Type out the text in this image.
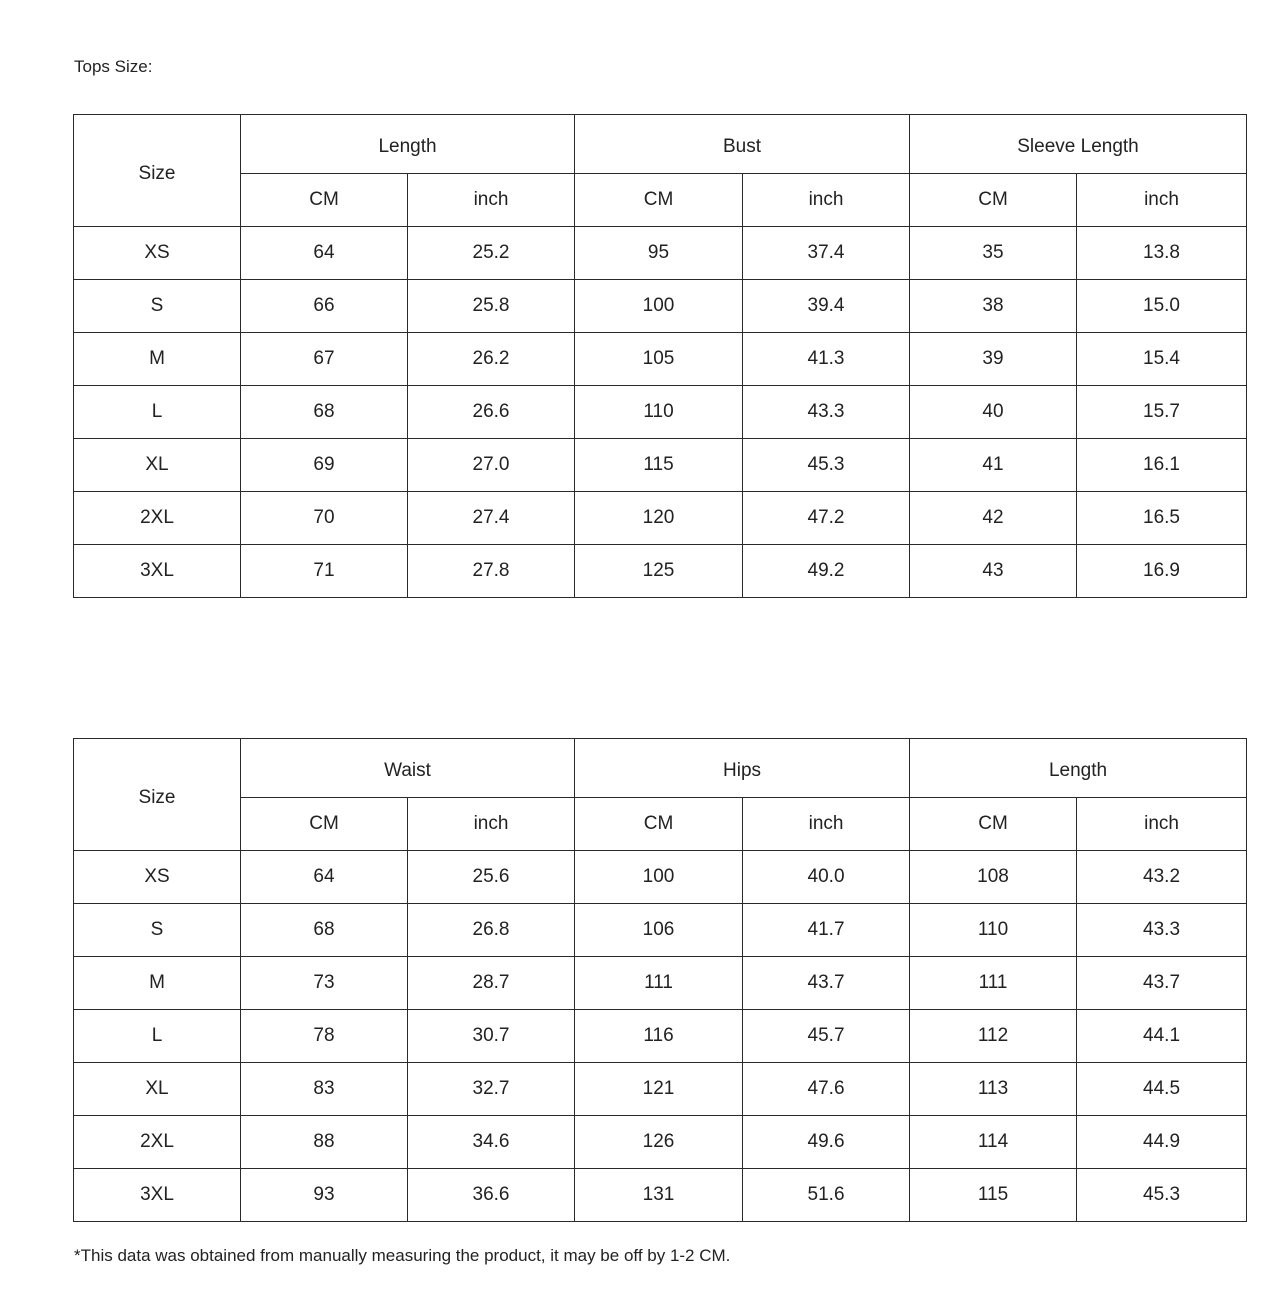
Tops Size:
Size	Length		Bust		Sleeve Length	
	CM	inch	CM	inch	CM	inch
XS	64	25.2	95	37.4	35	13.8
S	66	25.8	100	39.4	38	15.0
M	67	26.2	105	41.3	39	15.4
L	68	26.6	110	43.3	40	15.7
XL	69	27.0	115	45.3	41	16.1
2XL	70	27.4	120	47.2	42	16.5
3XL	71	27.8	125	49.2	43	16.9
Size	Waist		Hips		Length	
	CM	inch	CM	inch	CM	inch
XS	64	25.6	100	40.0	108	43.2
S	68	26.8	106	41.7	110	43.3
M	73	28.7	111	43.7	111	43.7
L	78	30.7	116	45.7	112	44.1
XL	83	32.7	121	47.6	113	44.5
2XL	88	34.6	126	49.6	114	44.9
3XL	93	36.6	131	51.6	115	45.3
*This data was obtained from manually measuring the product, it may be off by 1-2 CM.
